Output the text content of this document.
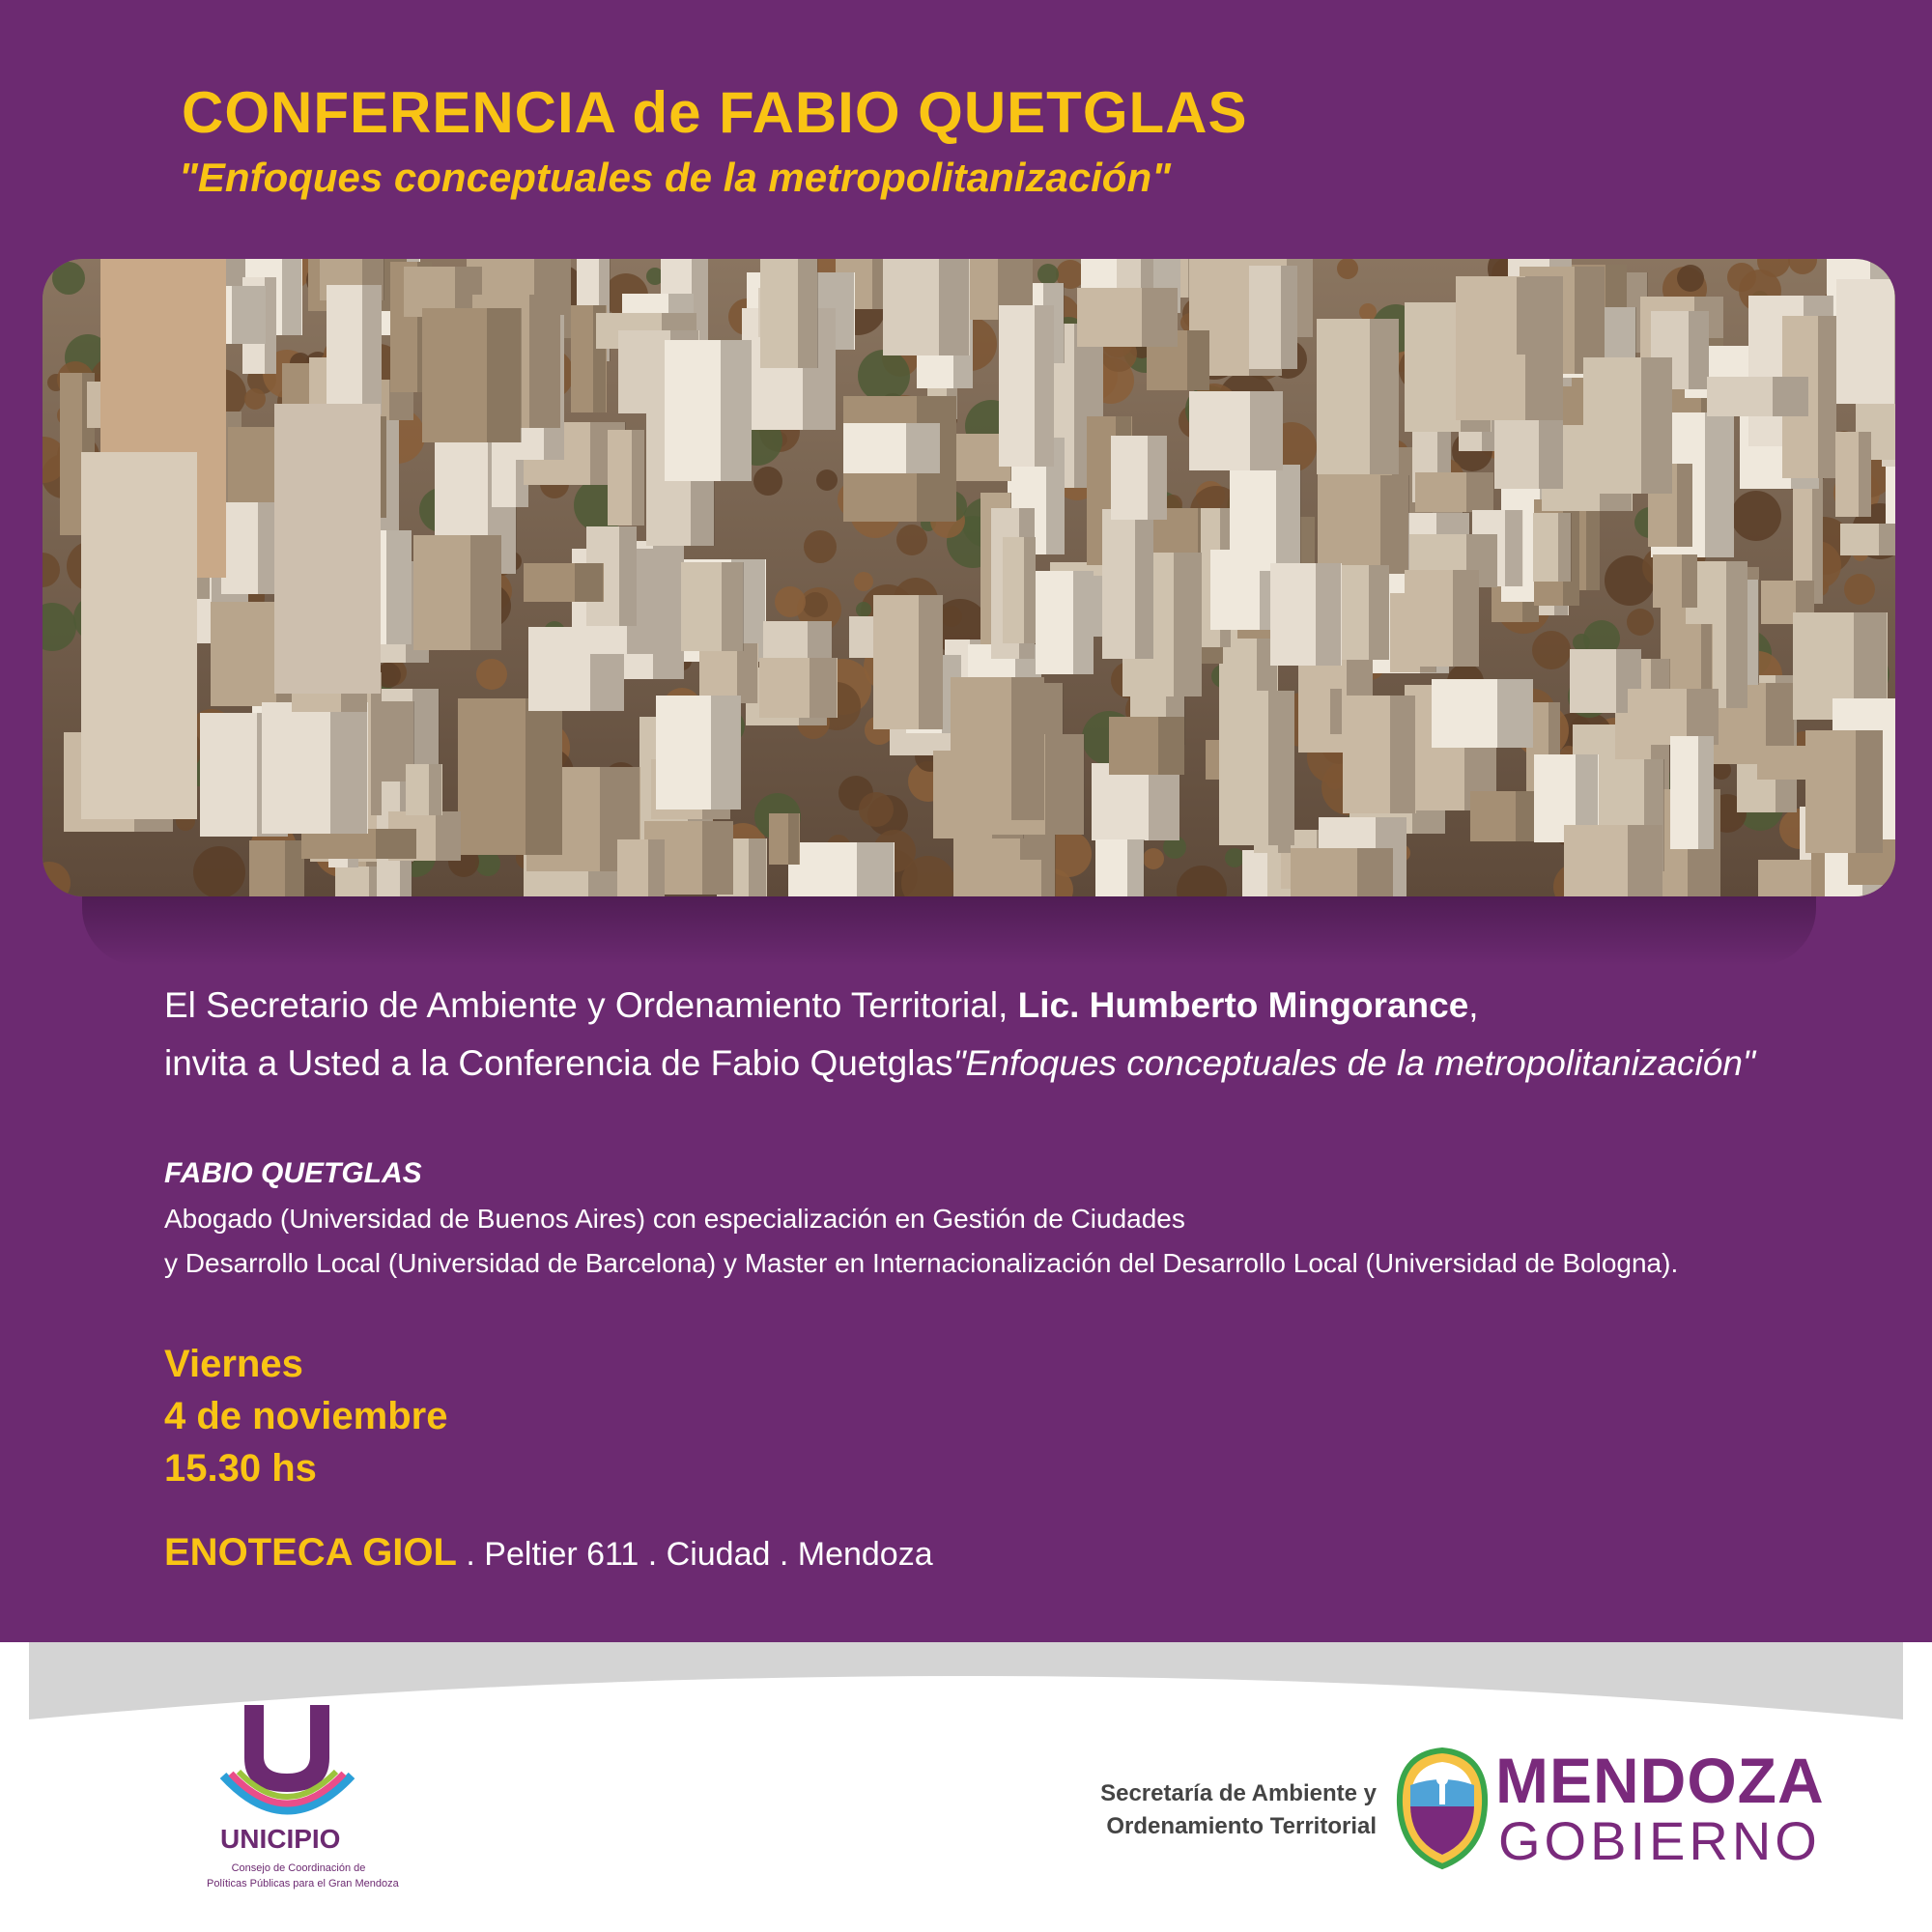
CONFERENCIA de FABIO QUETGLAS
"Enfoques conceptuales de la metropolitanización"
El Secretario de Ambiente y Ordenamiento Territorial, Lic. Humberto Mingorance,
invita a Usted a la Conferencia de Fabio Quetglas"Enfoques conceptuales de la metropolitanización"
FABIO QUETGLAS
Abogado (Universidad de Buenos Aires) con especialización en Gestión de Ciudades
y Desarrollo Local (Universidad de Barcelona) y Master en Internacionalización del Desarrollo Local (Universidad de Bologna).
Viernes
4 de noviembre
15.30 hs
ENOTECA GIOL . Peltier 611 . Ciudad . Mendoza
UNICIPIO
Consejo de Coordinación de
Políticas Públicas para el Gran Mendoza
Secretaría de Ambiente y
Ordenamiento Territorial
MENDOZA
GOBIERNO
